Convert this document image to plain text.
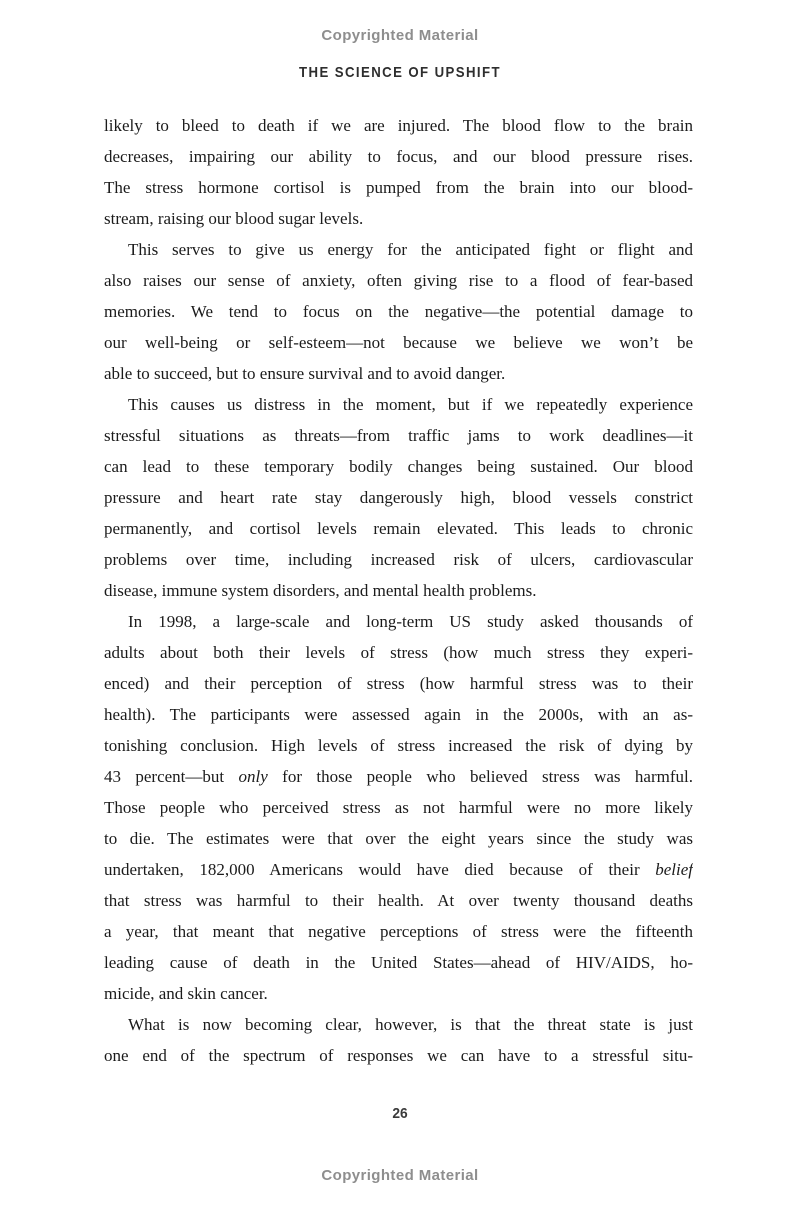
Copyrighted Material
THE SCIENCE OF UPSHIFT
likely to bleed to death if we are injured. The blood flow to the brain
decreases, impairing our ability to focus, and our blood pressure rises.
The stress hormone cortisol is pumped from the brain into our blood-
stream, raising our blood sugar levels.
This serves to give us energy for the anticipated fight or flight and
also raises our sense of anxiety, often giving rise to a flood of fear-based
memories. We tend to focus on the negative—the potential damage to
our well-being or self-esteem—not because we believe we won’t be
able to succeed, but to ensure survival and to avoid danger.
This causes us distress in the moment, but if we repeatedly experience
stressful situations as threats—from traffic jams to work deadlines—it
can lead to these temporary bodily changes being sustained. Our blood
pressure and heart rate stay dangerously high, blood vessels constrict
permanently, and cortisol levels remain elevated. This leads to chronic
problems over time, including increased risk of ulcers, cardiovascular
disease, immune system disorders, and mental health problems.
In 1998, a large-scale and long-term US study asked thousands of
adults about both their levels of stress (how much stress they experi-
enced) and their perception of stress (how harmful stress was to their
health). The participants were assessed again in the 2000s, with an as-
tonishing conclusion. High levels of stress increased the risk of dying by
43 percent—but only for those people who believed stress was harmful.
Those people who perceived stress as not harmful were no more likely
to die. The estimates were that over the eight years since the study was
undertaken, 182,000 Americans would have died because of their belief
that stress was harmful to their health. At over twenty thousand deaths
a year, that meant that negative perceptions of stress were the fifteenth
leading cause of death in the United States—ahead of HIV/AIDS, ho-
micide, and skin cancer.
What is now becoming clear, however, is that the threat state is just
one end of the spectrum of responses we can have to a stressful situ-
26
Copyrighted Material
